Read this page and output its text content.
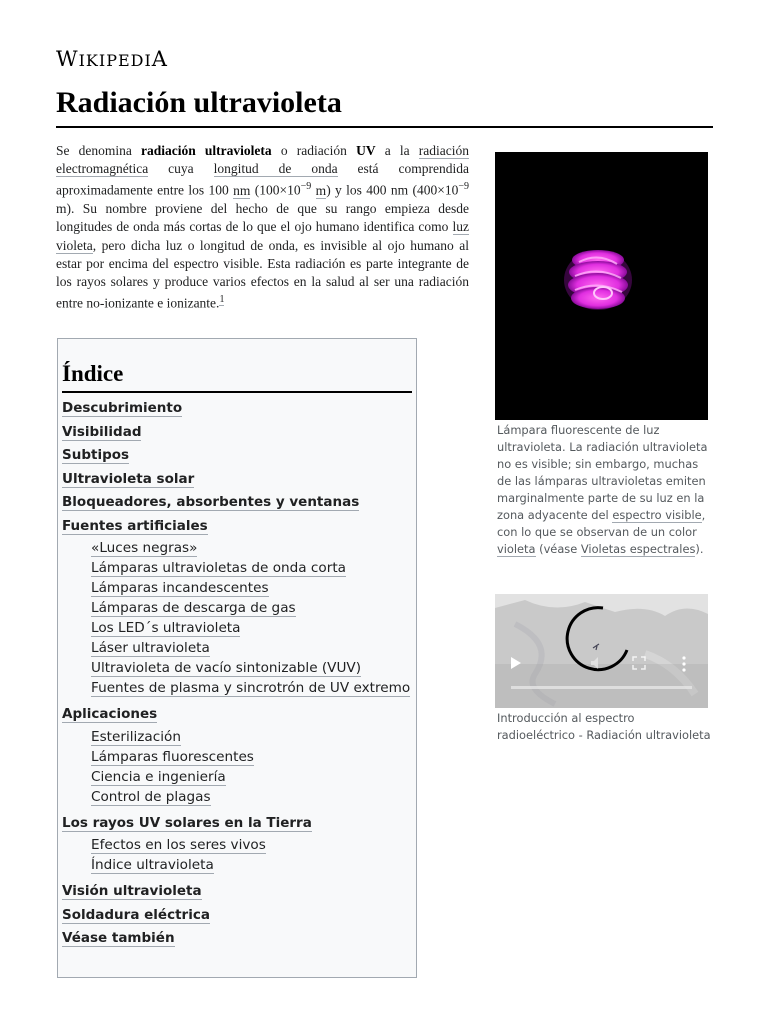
WIKIPEDIA
Radiación ultravioleta

Se denomina radiación ultravioleta o radiación UV a la radiación electromagnética cuya longitud de onda está comprendida aproximadamente entre los 100 nm ($100\times 10^{-9}$ m) y los 400 nm ($400\times 10^{-9}$ m). Su nombre proviene del hecho de que su rango empieza desde longitudes de onda más cortas de lo que el ojo humano identifica como luz violeta, pero dicha luz o longitud de onda, es invisible al ojo humano al estar por encima del espectro visible. Esta radiación es parte integrante de los rayos solares y produce varios efectos en la salud al ser una radiación entre no-ionizante e ionizante.$^1$

Índice
Descubrimiento
Visibilidad
Subtipos
Ultravioleta solar
Bloqueadores, absorbentes y ventanas
Fuentes artificiales
«Luces negras»
Lámparas ultravioletas de onda corta
Lámparas incandescentes
Lámparas de descarga de gas
Los LED´s ultravioleta
Láser ultravioleta
Ultravioleta de vacío sintonizable (VUV)
Fuentes de plasma y sincrotrón de UV extremo
Aplicaciones
Esterilización
Lámparas fluorescentes
Ciencia e ingeniería
Control de plagas
Los rayos UV solares en la Tierra
Efectos en los seres vivos
Índice ultravioleta
Visión ultravioleta
Soldadura eléctrica
Véase también

Lámpara fluorescente de luz ultravioleta. La radiación ultravioleta no es visible; sin embargo, muchas de las lámparas ultravioletas emiten marginalmente parte de su luz en la zona adyacente del espectro visible, con lo que se observan de un color violeta (véase Violetas espectrales).

Introducción al espectro radioeléctrico - Radiación ultravioleta
